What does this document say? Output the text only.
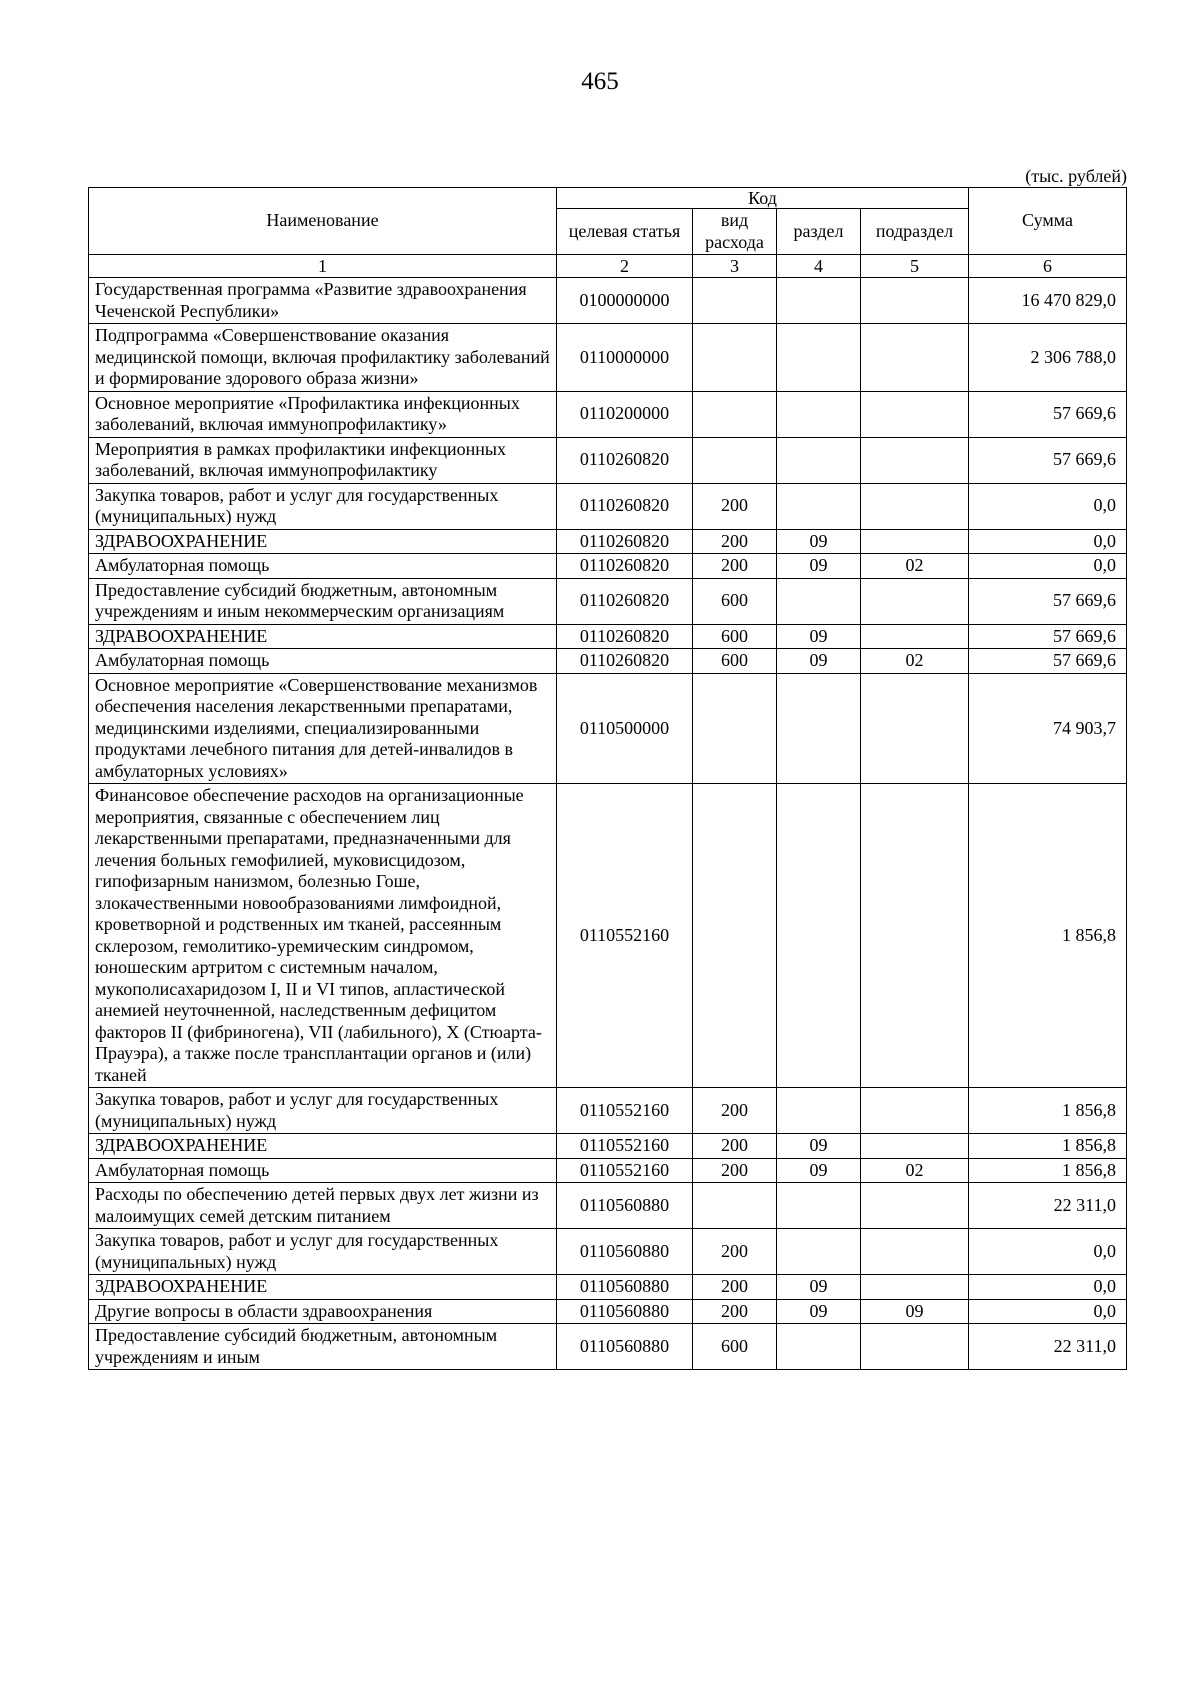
465
(тыс. рублей)
Наименование	Код				Сумма
	целевая статья	вид расхода	раздел	подраздел	
1	2	3	4	5	6
Государственная программа «Развитие здравоохранения Чеченской Республики»	0100000000				16 470 829,0
Подпрограмма «Совершенствование оказания медицинской помощи, включая профилактику заболеваний и формирование здорового образа жизни»	0110000000				2 306 788,0
Основное мероприятие «Профилактика инфекционных заболеваний, включая иммунопрофилактику»	0110200000				57 669,6
Мероприятия в рамках профилактики инфекционных заболеваний, включая иммунопрофилактику	0110260820				57 669,6
Закупка товаров, работ и услуг для государственных (муниципальных) нужд	0110260820	200			0,0
ЗДРАВООХРАНЕНИЕ	0110260820	200	09		0,0
Амбулаторная помощь	0110260820	200	09	02	0,0
Предоставление субсидий бюджетным, автономным учреждениям и иным некоммерческим организациям	0110260820	600			57 669,6
ЗДРАВООХРАНЕНИЕ	0110260820	600	09		57 669,6
Амбулаторная помощь	0110260820	600	09	02	57 669,6
Основное мероприятие «Совершенствование механизмов обеспечения населения лекарственными препаратами, медицинскими изделиями, специализированными продуктами лечебного питания для детей-инвалидов в амбулаторных условиях»	0110500000				74 903,7
Финансовое обеспечение расходов на организационные мероприятия, связанные с обеспечением лиц лекарственными препаратами, предназначенными для лечения больных гемофилией, муковисцидозом, гипофизарным нанизмом, болезнью Гоше, злокачественными новообразованиями лимфоидной, кроветворной и родственных им тканей, рассеянным склерозом, гемолитико-уремическим синдромом, юношеским артритом с системным началом, мукополисахаридозом I, II и VI типов, апластической анемией неуточненной, наследственным дефицитом факторов II (фибриногена), VII (лабильного), X (Стюарта-Прауэра), а также после трансплантации органов и (или) тканей	0110552160				1 856,8
Закупка товаров, работ и услуг для государственных (муниципальных) нужд	0110552160	200			1 856,8
ЗДРАВООХРАНЕНИЕ	0110552160	200	09		1 856,8
Амбулаторная помощь	0110552160	200	09	02	1 856,8
Расходы по обеспечению детей первых двух лет жизни из малоимущих семей детским питанием	0110560880				22 311,0
Закупка товаров, работ и услуг для государственных (муниципальных) нужд	0110560880	200			0,0
ЗДРАВООХРАНЕНИЕ	0110560880	200	09		0,0
Другие вопросы в области здравоохранения	0110560880	200	09	09	0,0
Предоставление субсидий бюджетным, автономным учреждениям и иным	0110560880	600			22 311,0
